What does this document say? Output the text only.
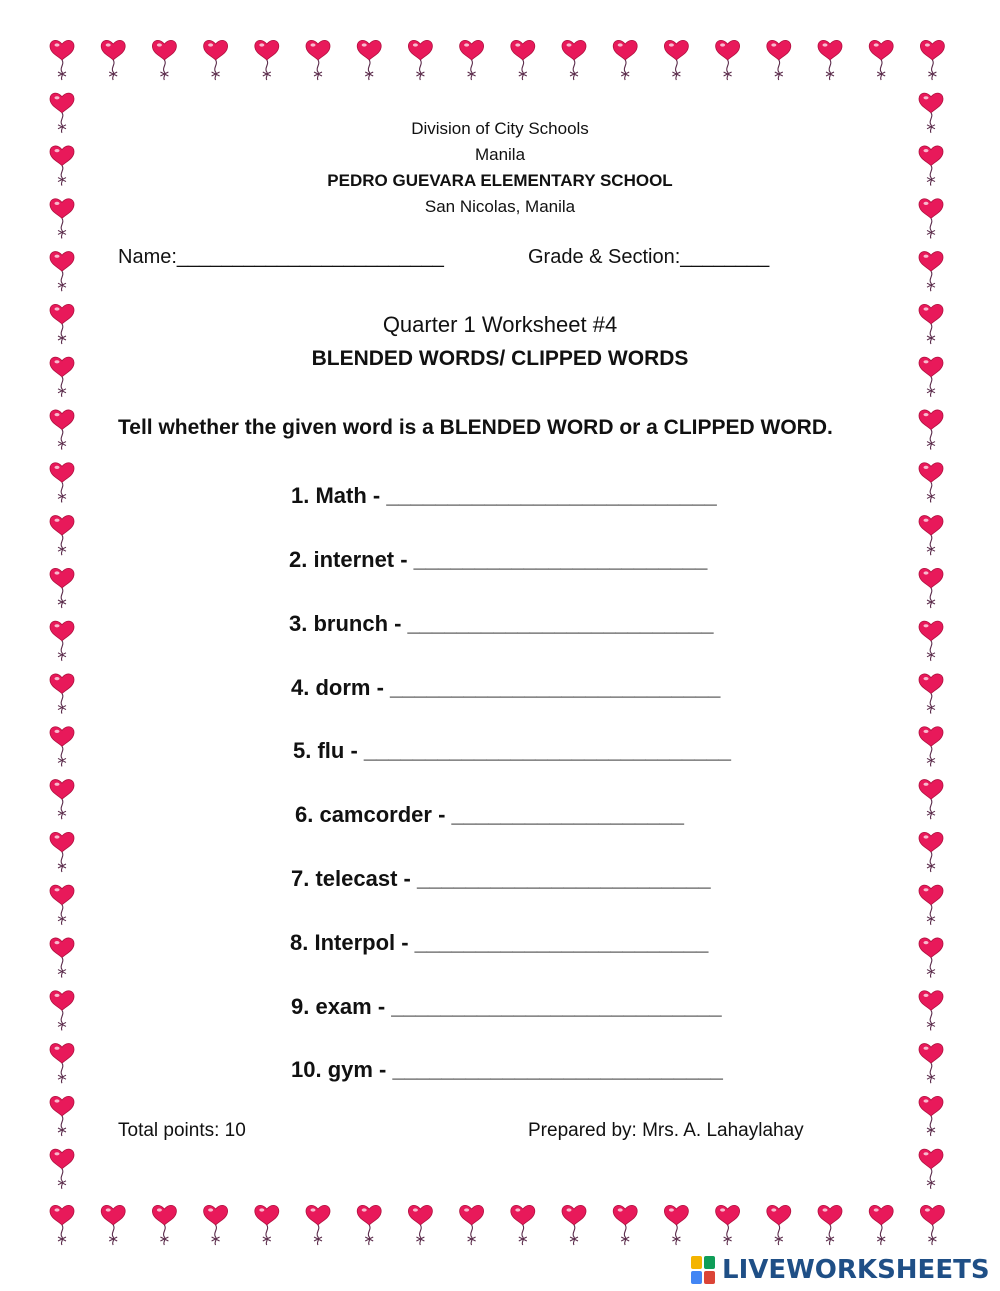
Division of City Schools
Manila
PEDRO GUEVARA ELEMENTARY SCHOOL
San Nicolas, Manila
Name:________________________	Grade & Section:________
Quarter 1 Worksheet #4
BLENDED WORDS/ CLIPPED WORDS
Tell whether the given word is a BLENDED WORD or a CLIPPED WORD.
1. Math - ___________________________
2. internet - ________________________
3. brunch - _________________________
4. dorm - ___________________________
5. flu - ______________________________
6. camcorder - ___________________
7. telecast - ________________________
8. Interpol - ________________________
9. exam - ___________________________
10. gym - ___________________________
Total points: 10	Prepared by: Mrs. A. Lahaylahay
LIVEWORKSHEETS
